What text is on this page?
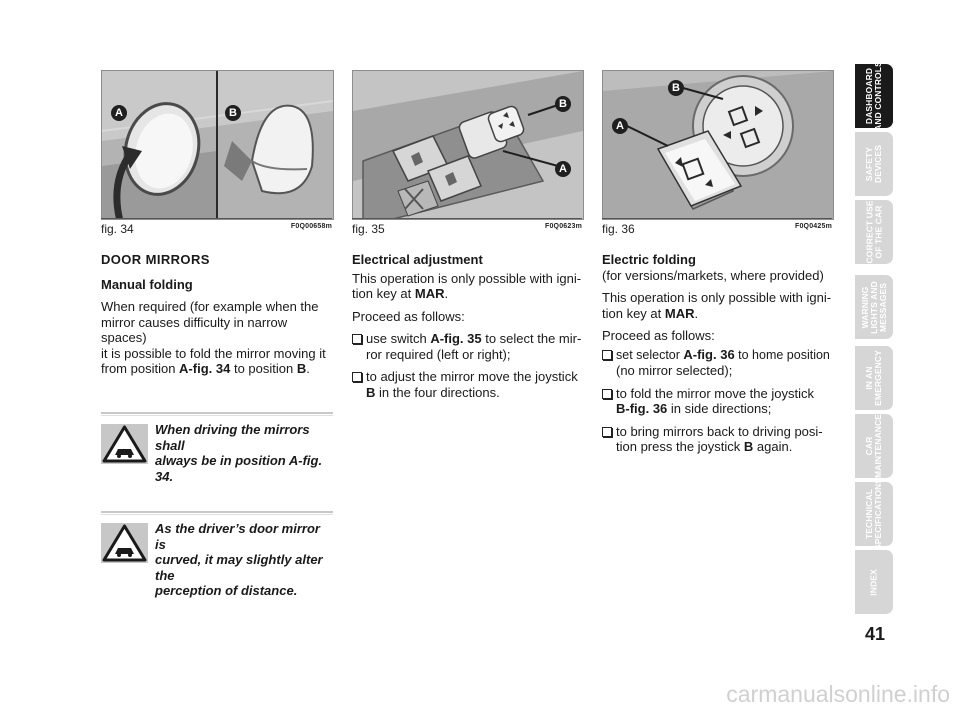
A	B
fig. 34	F0Q00658m
B
A
fig. 35	F0Q0623m
B
A
fig. 36	F0Q0425m

DOOR MIRRORS

Manual folding

When required (for example when the
mirror causes difficulty in narrow spaces)
it is possible to fold the mirror moving it
from position A-fig. 34 to position B.

When driving the mirrors shall
always be in position A-fig. 34.
As the driver’s door mirror is
curved, it may slightly alter the
perception of distance.

Electrical adjustment

This operation is only possible with igni-
tion key at MAR.

Proceed as follows:

use switch A-fig. 35 to select the mir-
ror required (left or right);
to adjust the mirror move the joystick
B in the four directions.

Electric folding

(for versions/markets, where provided)

This operation is only possible with igni-
tion key at MAR.

Proceed as follows:

set selector A-fig. 36 to home position
(no mirror selected);
to fold the mirror move the joystick
B-fig. 36 in side directions;
to bring mirrors back to driving posi-
tion press the joystick B again.
DASHBOARD
AND CONTROLS
SAFETY
DEVICES
CORRECT USE
OF THE CAR
WARNING
LIGHTS AND
MESSAGES
IN AN
EMERGENCY
CAR
MAINTENANCE
TECHNICAL
SPECIFICATIONS
INDEX
41
carmanualsonline.info
